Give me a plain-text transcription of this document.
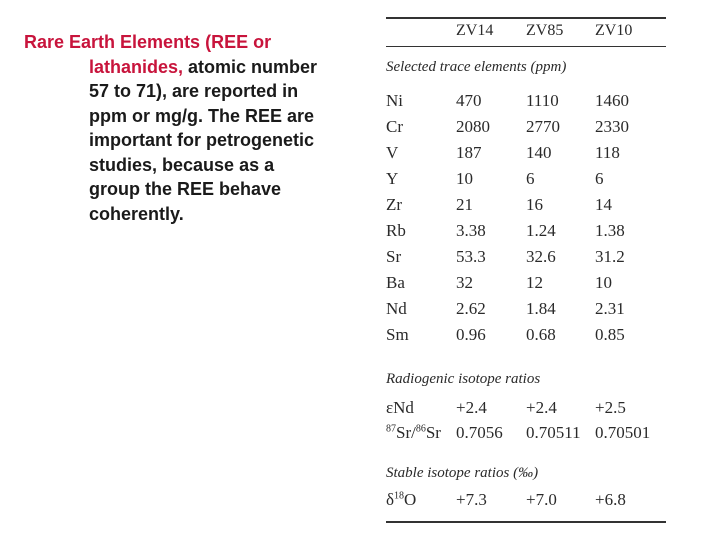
Rare Earth Elements (REE or
lathanides, atomic number
57 to 71), are reported in
ppm or mg/g. The REE are
important for petrogenetic
studies, because as a
group the REE behave
coherently.
ZV14 ZV85 ZV10
Selected trace elements (ppm)
Ni	470	1110 1460
Cr	2080 2770 2330
V	187	140	118
Y	10	6	6
Zr	21	16	14
Rb	3.38 1.24 1.38
Sr	53.3 32.6 31.2
Ba	32	12	10
Nd	2.62 1.84 2.31
Sm	0.96 0.68 0.85
Radiogenic isotope ratios
εNd +2.4 +2.4 +2.5
$^{87}$Sr/$^{86}$Sr 0.7056 0.70511 0.70501
Stable isotope ratios (‰)
$\delta^{18}O +7.3 +7.0 +6.8$
